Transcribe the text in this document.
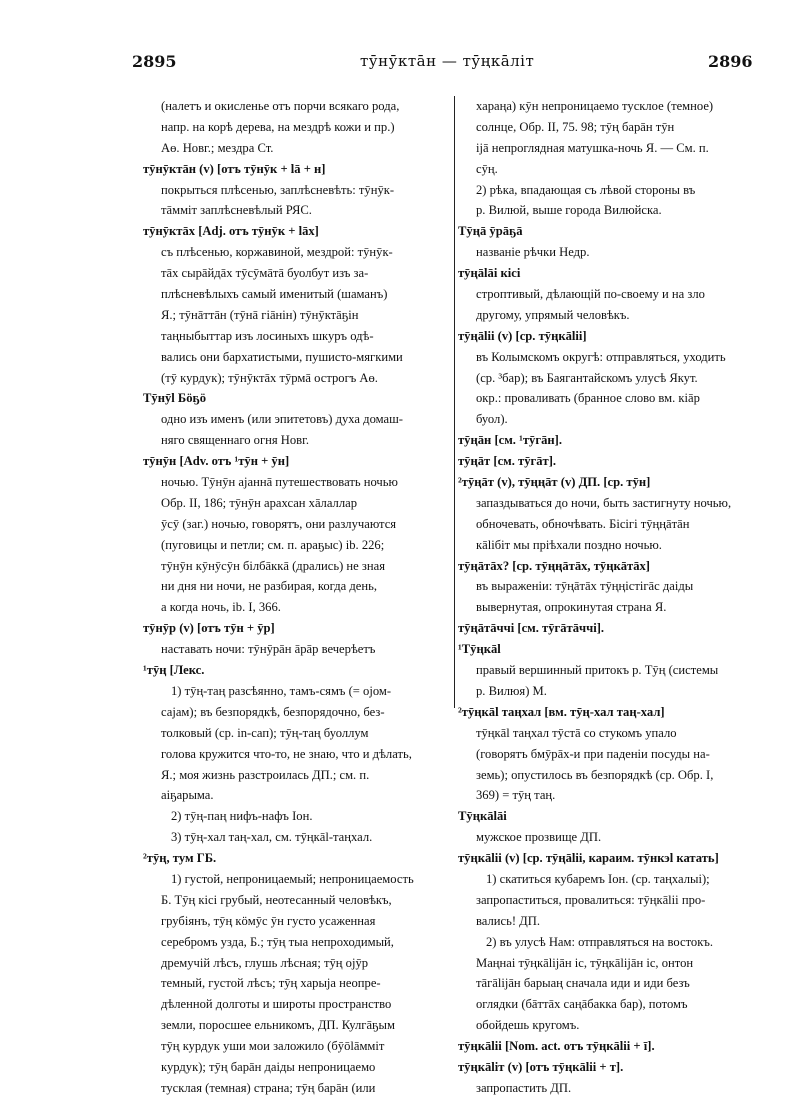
2895	тӯнӯктāн — тӯңкāліт	2896
(налетъ и окисленье отъ порчи всякаго рода,
напр. на корѣ дерева, на мездрѣ кожи и пр.)
Аө. Новг.; мездра Ст.
тӯнӯктāн (v) [отъ тӯнӯк + lā + н]
покрыться плѣсенью, заплѣсневѣть: тӯнӯк-
тāммiт заплѣсневѣлый РЯС.
тӯнӯктāх [Adj. отъ тӯнӯк + lāх]
съ плѣсенью, коржавиной, мездрой: тӯнӯк-
тāх сырāйдāх тӯсӯмāтā буолбут изъ за-
плѣсневѣлыхъ самый именитый (шаманъ)
Я.; тӯнāттāн (тӯнā гiāнiн) тӯнӯктāҕiн
таңныбыттар изъ лосиныхъ шкуръ одѣ-
вались они бархатистыми, пушисто-мягкими
(тӯ курдук); тӯнӯктāх тӯрмā острогъ Аө.
Тӯнӯl Бöҕö
одно изъ именъ (или эпитетовъ) духа домаш-
няго священнаго огня Новг.
тӯнӯн [Adv. отъ ¹тӯн + ӯн]
ночью. Тӯнӯн аjаннā путешествовать ночью
Обр. II, 186; тӯнӯн арахсан хāлаллар
ӯсӯ (заг.) ночью, говорятъ, они разлучаются
(пуговицы и петли; см. п. араҕыс) ib. 226;
тӯнӯн кӯнӯсӯн бiлбāккā (дрались) не зная
ни дня ни ночи, не разбирая, когда день,
а когда ночь, ib. I, 366.
тӯнӯр (v) [отъ тӯн + ӯр]
наставать ночи: тӯнӯрāн āрāр вечерѣетъ
¹тӯң [Лекс.
1) тӯң-таң разсѣянно, тамъ-сямъ (= оjом-
саjам); въ безпорядкѣ, безпорядочно, без-
толковый (ср. in-сап); тӯң-таң буоллум
голова кружится что-то, не знаю, что и дѣлать,
Я.; моя жизнь разстроилась ДП.; см. п.
аiҕарыма.
2) тӯң-паң нифъ-нафъ Іон.
3) тӯң-хал таң-хал, см. тӯңкāl-таңхал.
²тӯң, тум ГБ.
1) густой, непроницаемый; непроницаемость
Б. Тӯң кiсi грубый, неотесанный человѣкъ,
грубiянъ, тӯң кöмӯс ӯн густо усаженная
серебромъ узда, Б.; тӯң тыа непроходимый,
дремучiй лѣсъ, глушь лѣсная; тӯң оjӯр
темный, густой лѣсъ; тӯң харыjа неопре-
дѣленной долготы и широты пространство
земли, поросшее ельникомъ, ДП. Кулгāҕым
тӯң курдук уши мои заложило (бӯōlāммiт
курдук); тӯң барāн даiды непроницаемо
тусклая (темная) страна; тӯң барāн (или
хараңа) кӯн непроницаемо тусклое (темное)
солнце, Обр. II, 75. 98; тӯң барāн тӯн
iјā непроглядная матушка-ночь Я. — См. п.
сӯң.
2) рѣка, впадающая съ лѣвой стороны въ
р. Вилюй, выше города Вилюйска.
Тӯңā ӯрāҕā
названіе рѣчки Недр.
тӯңālāi кiсi
строптивый, дѣлающій по-своему и на зло
другому, упрямый человѣкъ.
тӯңāliі (v) [ср. тӯңкāliі]
въ Колымскомъ округѣ: отправляться, уходить
(ср. ³бар); въ Баягантайскомъ улусѣ Якут.
окр.: проваливать (бранное слово вм. кiāр
буол).
тӯңāн [см. ¹тӯгāн].
тӯңāт [см. тӯгāт].
²тӯңāт (v), тӯңңāт (v) ДП. [ср. тӯн]
запаздываться до ночи, быть застигнуту ночью,
обночевать, обночѣвать. Бiсiгi тӯңңāтāн
кāliбiт мы пріѣхали поздно ночью.
тӯңāтāх? [ср. тӯңңāтāх, тӯңкāтāх]
въ выраженіи: тӯңāтāх тӯңңiстiгāс даiды
вывернутая, опрокинутая страна Я.
тӯңāтāччi [см. тӯгāтāччi].
¹Тӯңкāl
правый вершинный притокъ р. Тӯң (системы
р. Вилюя) М.
²тӯңкāl таңхал [вм. тӯң-хал таң-хал]
тӯңкāl таңхал тӯстā со стукомъ упало
(говорятъ бмӯрāх-и при паденіи посуды на-
земь); опустилось въ безпорядкѣ (ср. Обр. I,
369) = тӯң таң.
Тӯңкālāi
мужское прозвище ДП.
тӯңкāliі (v) [ср. тӯңāliі, караим. тӯнкэl катать]
1) скатиться кубаремъ Іон. (ср. таңхалыі);
запропаститься, провалиться: тӯңкāliі про-
вались! ДП.
2) въ улусѣ Нам: отправляться на востокъ.
Маңнаi тӯңкāliјāн iс, тӯңкāliјāн iс, онтон
тāгāliјāн барыаң сначала иди и иди безъ
оглядки (бāттāх саңāбакка бар), потомъ
обойдешь кругомъ.
тӯңкāliі [Nom. act. отъ тӯңкāliі + ī].
тӯңкāliт (v) [отъ тӯңкāliі + т].
запропастить ДП.
